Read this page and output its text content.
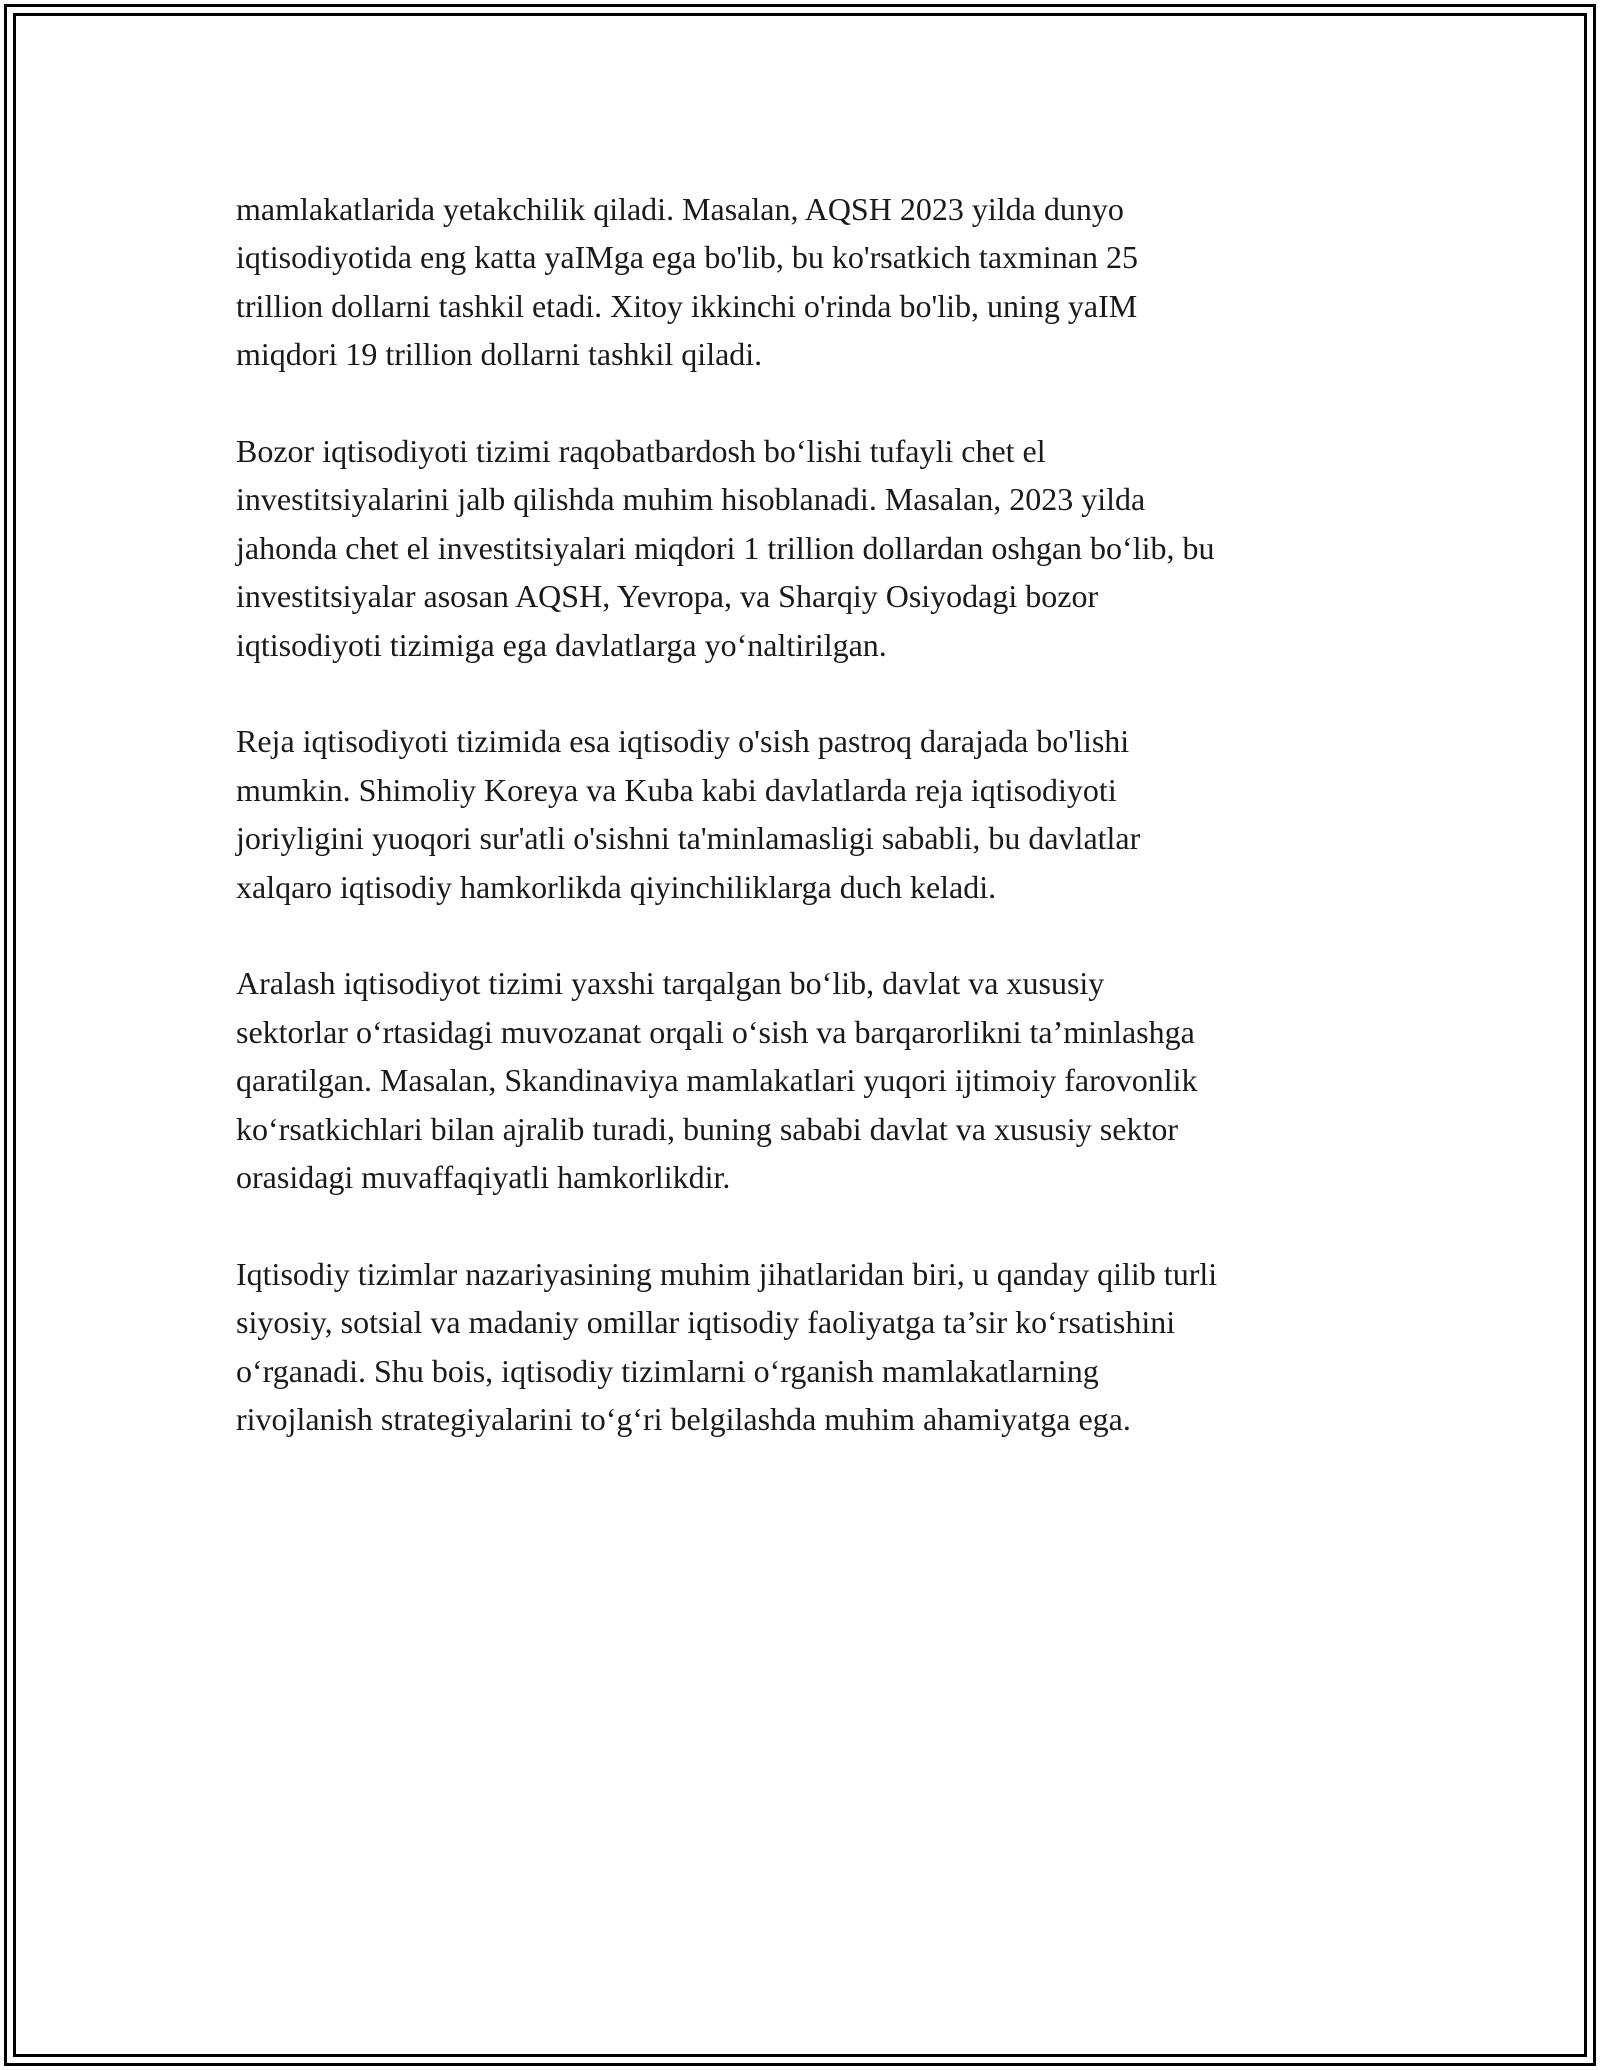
mamlakatlarida yetakchilik qiladi. Masalan, AQSH 2023 yilda dunyo
iqtisodiyotida eng katta yaIMga ega bo'lib, bu ko'rsatkich taxminan 25
trillion dollarni tashkil etadi. Xitoy ikkinchi o'rinda bo'lib, uning yaIM
miqdori 19 trillion dollarni tashkil qiladi.

Bozor iqtisodiyoti tizimi raqobatbardosh bo‘lishi tufayli chet el
investitsiyalarini jalb qilishda muhim hisoblanadi. Masalan, 2023 yilda
jahonda chet el investitsiyalari miqdori 1 trillion dollardan oshgan bo‘lib, bu
investitsiyalar asosan AQSH, Yevropa, va Sharqiy Osiyodagi bozor
iqtisodiyoti tizimiga ega davlatlarga yo‘naltirilgan.

Reja iqtisodiyoti tizimida esa iqtisodiy o'sish pastroq darajada bo'lishi
mumkin. Shimoliy Koreya va Kuba kabi davlatlarda reja iqtisodiyoti
joriyligini yuoqori sur'atli o'sishni ta'minlamasligi sababli, bu davlatlar
xalqaro iqtisodiy hamkorlikda qiyinchiliklarga duch keladi.

Aralash iqtisodiyot tizimi yaxshi tarqalgan bo‘lib, davlat va xususiy
sektorlar o‘rtasidagi muvozanat orqali o‘sish va barqarorlikni ta’minlashga
qaratilgan. Masalan, Skandinaviya mamlakatlari yuqori ijtimoiy farovonlik
ko‘rsatkichlari bilan ajralib turadi, buning sababi davlat va xususiy sektor
orasidagi muvaffaqiyatli hamkorlikdir.

Iqtisodiy tizimlar nazariyasining muhim jihatlaridan biri, u qanday qilib turli
siyosiy, sotsial va madaniy omillar iqtisodiy faoliyatga ta’sir ko‘rsatishini
o‘rganadi. Shu bois, iqtisodiy tizimlarni o‘rganish mamlakatlarning
rivojlanish strategiyalarini to‘g‘ri belgilashda muhim ahamiyatga ega.
